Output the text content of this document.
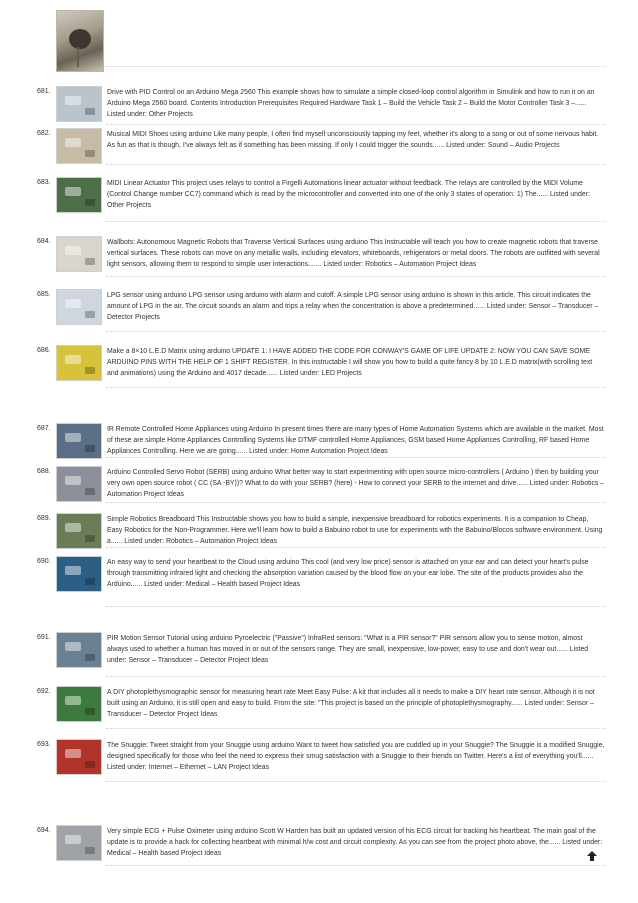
681.	Drive with PID Control on an Arduino Mega 2560 This example shows how to simulate a simple closed-loop control algorithm in Simulink and how to run it on an Arduino Mega 2560 board. Contents Introduction Prerequisites Required Hardware Task 1 – Build the Vehicle Task 2 – Build the Motor Controller Task 3 –...... Listed under: Other Projects
682.	Musical MIDI Shoes using arduino Like many people, I often find myself unconsciously tapping my feet, whether it's along to a song or out of some nervous habit. As fun as that is though, I've always felt as if something has been missing. If only I could trigger the sounds...... Listed under: Sound – Audio Projects
683.	MIDI Linear Actuator This project uses relays to control a Firgelli Automations linear actuator without feedback. The relays are controlled by the MIDI Volume (Control Change number CC7) command which is read by the microcontroller and converted into one of the only 3 states of operation: 1) The...... Listed under: Other Projects
684.	Wallbots: Autonomous Magnetic Robots that Traverse Vertical Surfaces using arduino This Instructable will teach you how to create magnetic robots that traverse vertical surfaces. These robots can move on any metallic walls, including elevators, whiteboards, refrigerators or metal doors. The robots are outfitted with several light sensors, allowing them to respond to simple user interactions....... Listed under: Robotics – Automation Project Ideas
685.	LPG sensor using arduino LPG sensor using arduino with alarm and cutoff. A simple LPG sensor using arduino is shown in this article. This circuit indicates the amount of LPG in the air. The circuit sounds an alarm and trips a relay when the concentration is above a predetermined...... Listed under: Sensor – Transducer – Detector Projects
686.	Make a 8×10 L.E.D Matrix using arduino UPDATE 1: I HAVE ADDED THE CODE FOR CONWAY'S GAME OF LIFE UPDATE 2: NOW YOU CAN SAVE SOME ARDUINO PINS WITH THE HELP OF 1 SHIFT REGISTER. In this instructable I will show you how to build a quite fancy 8 by 10 L.E.D matrix(with scrolling text and animations) using the Arduino and 4017 decade...... Listed under: LED Projects
687.	IR Remote Controlled Home Appliances using Arduino In present times there are many types of Home Automation Systems which are available in the market. Most of these are simple Home Appliances Controlling Systems like DTMF controlled Home Appliances, GSM based Home Appliances Controlling, RF based Home Appliances Controlling. Here we are going...... Listed under: Home Automation Project Ideas
688.	Arduino Controlled Servo Robot (SERB) using arduino What better way to start experimenting with open source micro-controllers ( Arduino ) then by building your very own open source robot ( CC (SA -BY))? What to do with your SERB? (here) - How to connect your SERB to the internet and drive...... Listed under: Robotics – Automation Project Ideas
689.	Simple Robotics Breadboard This Instructable shows you how to build a simple, inexpensive breadboard for robotics experiments. It is a companion to Cheap, Easy Robotics for the Non-Programmer. Here we'll learn how to build a Babuino robot to use for experiments with the Babuino/Blocos software environment. Using a...... Listed under: Robotics – Automation Project Ideas
690.	An easy way to send your heartbeat to the Cloud using arduino This cool (and very low price) sensor is attached on your ear and can detect your heart's pulse through transmitting infrared light and checking the absorption variation caused by the blood flow on your ear lobe. The site of the products provides also the Arduino...... Listed under: Medical – Health based Project Ideas
691.	PIR Motion Sensor Tutorial using arduino Pyroelectric ("Passive") InfraRed sensors: "What is a PIR sensor?" PIR sensors allow you to sense motion, almost always used to whether a human has moved in or out of the sensors range. They are small, inexpensive, low-power, easy to use and don't wear out...... Listed under: Sensor – Transducer – Detector Project Ideas
692.	A DIY photoplethysmographic sensor for measuring heart rate Meet Easy Pulse: A kit that includes all it needs to make a DIY heart rate sensor. Although it is not built using an Arduino, it is still open and easy to build. From the site: "This project is based on the principle of photoplethysmography...... Listed under: Sensor – Transducer – Detector Project Ideas
693.	The Snuggie: Tweet straight from your Snuggie using arduino Want to tweet how satisfied you are cuddled up in your Snuggie? The Snuggie is a modified Snuggie, designed specifically for those who feel the need to express their smug satisfaction with a Snuggie to their friends on Twitter. Here's a list of everything you'll...... Listed under: Internet – Ethernet – LAN Project Ideas
694.	Very simple ECG + Pulse Oximeter using arduino Scott W Harden has built an updated version of his ECG circuit for tracking his heartbeat. The main goal of the update is to provide a hack for collecting heartbeat with minimal h/w cost and circuit complexity. As you can see from the project photo above, the...... Listed under: Medical – Health based Project Ideas
